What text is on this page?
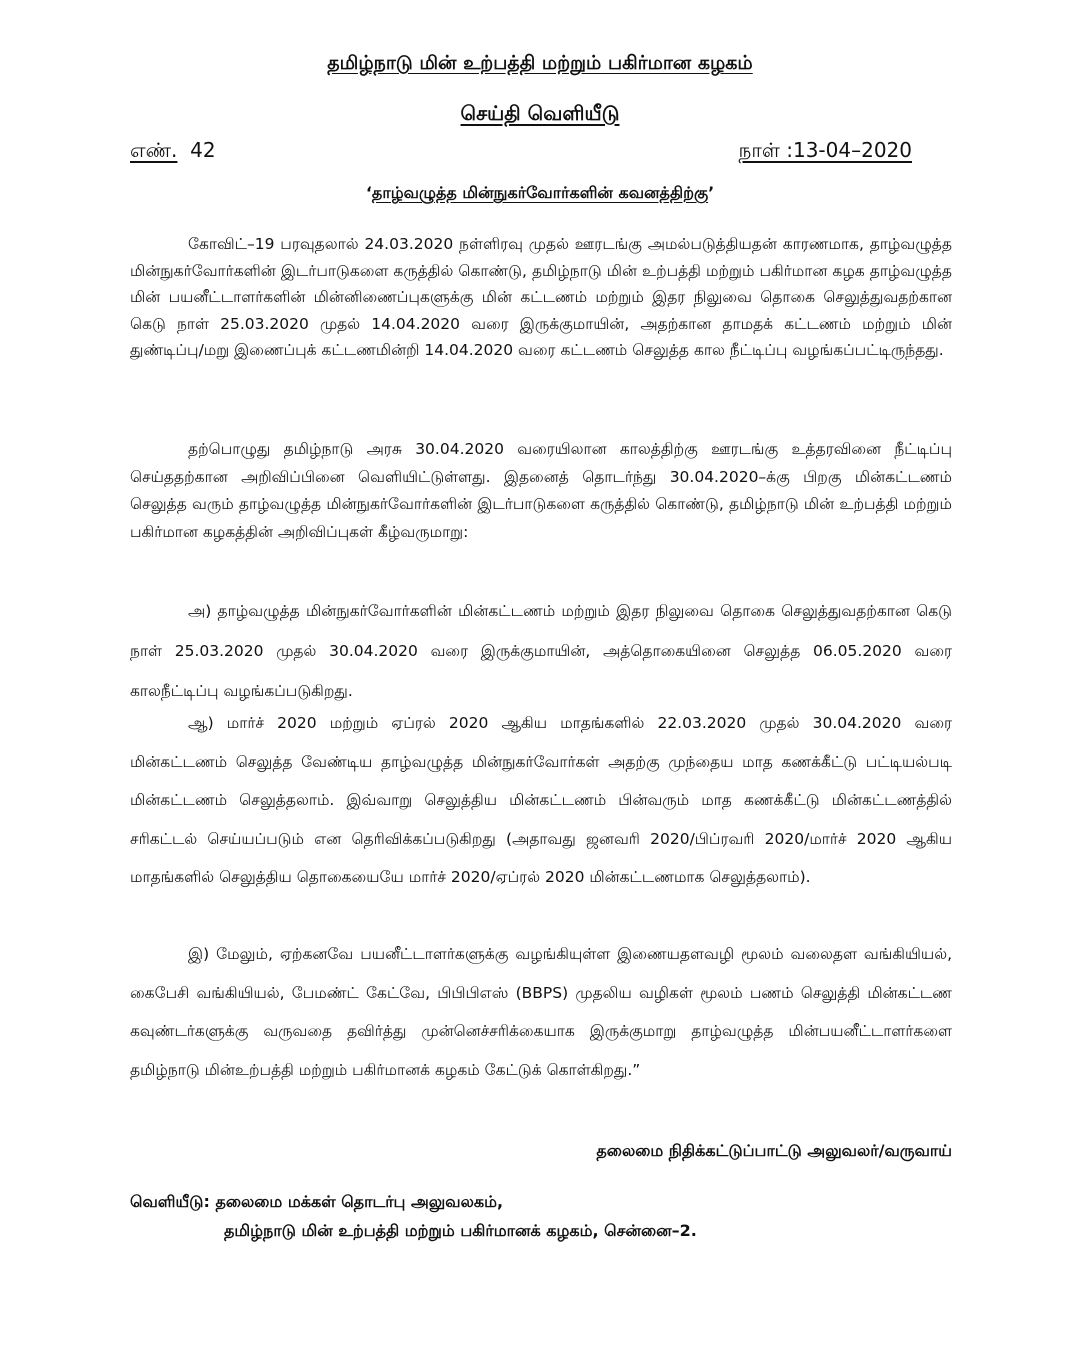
தமிழ்நாடு மின் உற்பத்தி மற்றும் பகிர்மான கழகம்
செய்தி வெளியீடு
எண். 42	நாள் :13-04–2020
‘தாழ்வழுத்த மின்நுகர்வோர்களின் கவனத்திற்கு’
கோவிட்–19 பரவுதலால் 24.03.2020 நள்ளிரவு முதல் ஊரடங்கு அமல்படுத்தியதன் காரணமாக, தாழ்வழுத்த மின்நுகர்வோர்களின் இடர்பாடுகளை கருத்தில் கொண்டு, தமிழ்நாடு மின் உற்பத்தி மற்றும் பகிர்மான கழக தாழ்வழுத்த மின் பயனீட்டாளர்களின் மின்னிணைப்புகளுக்கு மின் கட்டணம் மற்றும் இதர நிலுவை தொகை செலுத்துவதற்கான கெடு நாள் 25.03.2020 முதல் 14.04.2020 வரை இருக்குமாயின், அதற்கான தாமதக் கட்டணம் மற்றும் மின் துண்டிப்பு/மறு இணைப்புக் கட்டணமின்றி 14.04.2020 வரை கட்டணம் செலுத்த கால நீட்டிப்பு வழங்கப்பட்டிருந்தது.
தற்பொழுது தமிழ்நாடு அரசு 30.04.2020 வரையிலான காலத்திற்கு ஊரடங்கு உத்தரவினை நீட்டிப்பு செய்ததற்கான அறிவிப்பினை வெளியிட்டுள்ளது. இதனைத் தொடர்ந்து 30.04.2020–க்கு பிறகு மின்கட்டணம் செலுத்த வரும் தாழ்வழுத்த மின்நுகர்வோர்களின் இடர்பாடுகளை கருத்தில் கொண்டு, தமிழ்நாடு மின் உற்பத்தி மற்றும் பகிர்மான கழகத்தின் அறிவிப்புகள் கீழ்வருமாறு:
அ) தாழ்வழுத்த மின்நுகர்வோர்களின் மின்கட்டணம் மற்றும் இதர நிலுவை தொகை செலுத்துவதற்கான கெடு நாள் 25.03.2020 முதல் 30.04.2020 வரை இருக்குமாயின், அத்தொகையினை செலுத்த 06.05.2020 வரை காலநீட்டிப்பு வழங்கப்படுகிறது.
ஆ) மார்ச் 2020 மற்றும் ஏப்ரல் 2020 ஆகிய மாதங்களில் 22.03.2020 முதல் 30.04.2020 வரை மின்கட்டணம் செலுத்த வேண்டிய தாழ்வழுத்த மின்நுகர்வோர்கள் அதற்கு முந்தைய மாத கணக்கீட்டு பட்டியல்படி மின்கட்டணம் செலுத்தலாம். இவ்வாறு செலுத்திய மின்கட்டணம் பின்வரும் மாத கணக்கீட்டு மின்கட்டணத்தில் சரிகட்டல் செய்யப்படும் என தெரிவிக்கப்படுகிறது (அதாவது ஜனவரி 2020/பிப்ரவரி 2020/மார்ச் 2020 ஆகிய மாதங்களில் செலுத்திய தொகையையே மார்ச் 2020/ஏப்ரல் 2020 மின்கட்டணமாக செலுத்தலாம்).
இ) மேலும், ஏற்கனவே பயனீட்டாளர்களுக்கு வழங்கியுள்ள இணையதளவழி மூலம் வலைதள வங்கியியல், கைபேசி வங்கியியல், பேமண்ட் கேட்வே, பிபிபிஎஸ் (BBPS) முதலிய வழிகள் மூலம் பணம் செலுத்தி மின்கட்டண கவுண்டர்களுக்கு வருவதை தவிர்த்து முன்னெச்சரிக்கையாக இருக்குமாறு தாழ்வழுத்த மின்பயனீட்டாளர்களை தமிழ்நாடு மின்உற்பத்தி மற்றும் பகிர்மானக் கழகம் கேட்டுக் கொள்கிறது.”
தலைமை நிதிக்கட்டுப்பாட்டு அலுவலர்/வருவாய்
வெளியீடு: தலைமை மக்கள் தொடர்பு அலுவலகம்,
தமிழ்நாடு மின் உற்பத்தி மற்றும் பகிர்மானக் கழகம், சென்னை–2.
